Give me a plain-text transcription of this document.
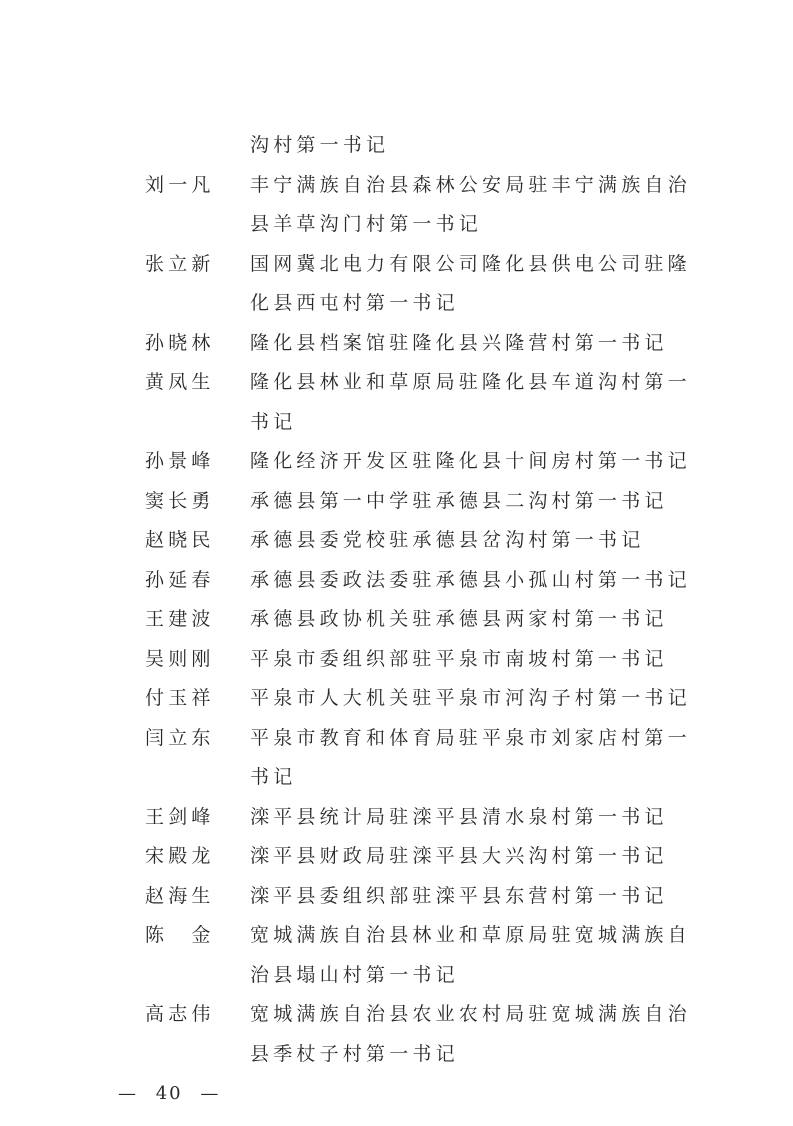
沟村第一书记
刘一凡	丰宁满族自治县森林公安局驻丰宁满族自治县羊草沟门村第一书记
张立新	国网冀北电力有限公司隆化县供电公司驻隆化县西屯村第一书记
孙晓林	隆化县档案馆驻隆化县兴隆营村第一书记
黄凤生	隆化县林业和草原局驻隆化县车道沟村第一书记
孙景峰	隆化经济开发区驻隆化县十间房村第一书记
窦长勇	承德县第一中学驻承德县二沟村第一书记
赵晓民	承德县委党校驻承德县岔沟村第一书记
孙延春	承德县委政法委驻承德县小孤山村第一书记
王建波	承德县政协机关驻承德县两家村第一书记
吴则刚	平泉市委组织部驻平泉市南坡村第一书记
付玉祥	平泉市人大机关驻平泉市河沟子村第一书记
闫立东	平泉市教育和体育局驻平泉市刘家店村第一书记
王剑峰	滦平县统计局驻滦平县清水泉村第一书记
宋殿龙	滦平县财政局驻滦平县大兴沟村第一书记
赵海生	滦平县委组织部驻滦平县东营村第一书记
陈　金	宽城满族自治县林业和草原局驻宽城满族自治县塌山村第一书记
高志伟	宽城满族自治县农业农村局驻宽城满族自治县季杖子村第一书记
— 40 —
